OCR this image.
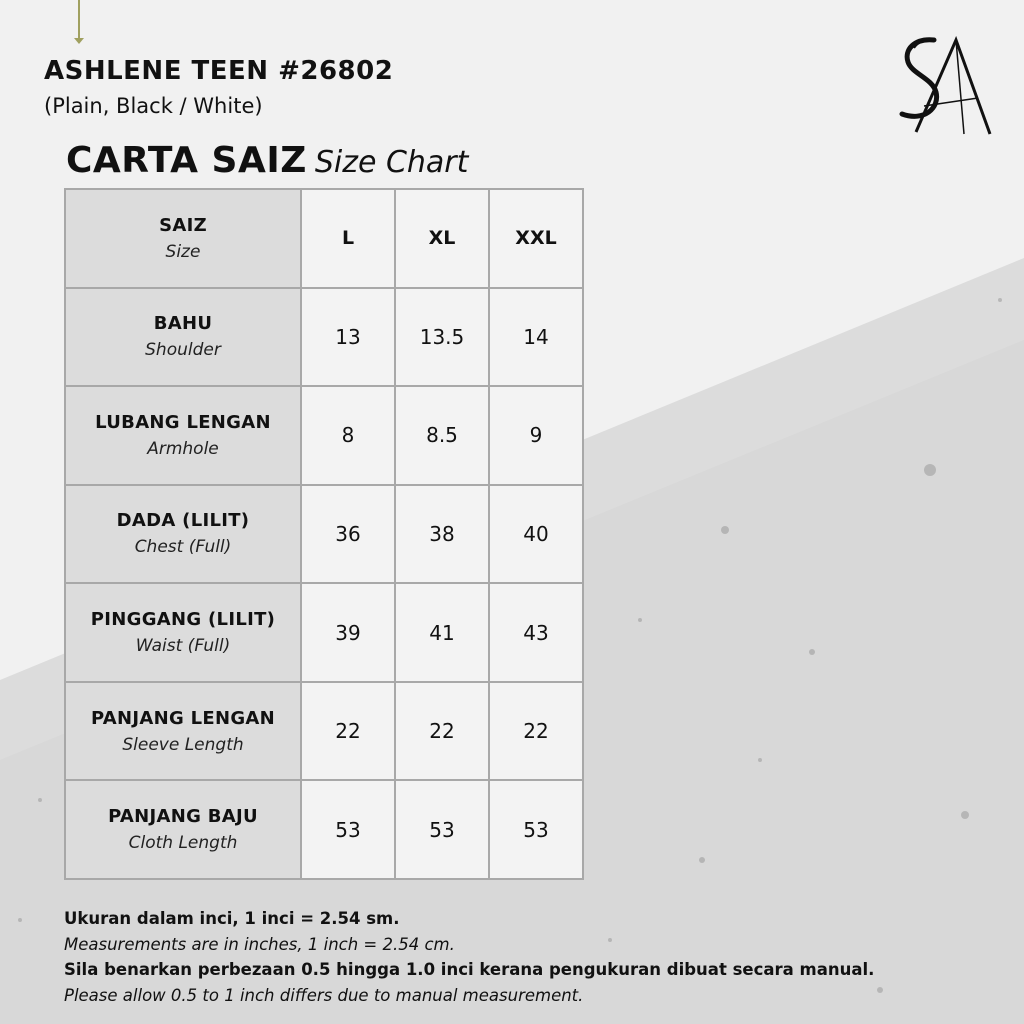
ASHLENE TEEN #26802
(Plain, Black / White)
CARTA SAIZ Size Chart
SAIZ
Size	L	XL	XXL

BAHU
Shoulder	13	13.5	14

LUBANG LENGAN
Armhole	8	8.5	9

DADA (LILIT)
Chest (Full)	36	38	40

PINGGANG (LILIT)
Waist (Full)	39	41	43

PANJANG LENGAN
Sleeve Length	22	22	22

PANJANG BAJU
Cloth Length	53	53	53
Ukuran dalam inci, 1 inci = 2.54 sm.
Measurements are in inches, 1 inch = 2.54 cm.
Sila benarkan perbezaan 0.5 hingga 1.0 inci kerana pengukuran dibuat secara manual.
Please allow 0.5 to 1 inch differs due to manual measurement.
